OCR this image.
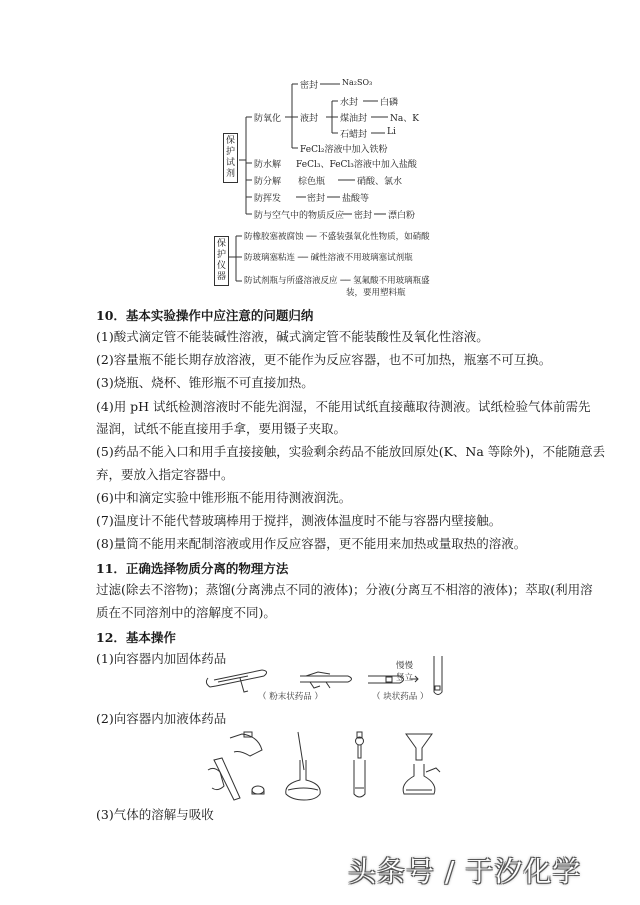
保护试剂
防氧化
密封	Na₂SO₃
液封
水封 白磷
煤油封	Na、K
石蜡封 Li
FeCl₂溶液中加入铁粉
防水解 FeCl₃、FeCl₃溶液中加入盐酸
防分解 棕色瓶	硝酸、氯水
防挥发	密封 盐酸等
防与空气中的物质反应 密封 漂白粉
保护仪器
防橡胶塞被腐蚀 ── 不盛装强氧化性物质，如硝酸
防玻璃塞粘连 ── 碱性溶液不用玻璃塞试剂瓶
防试剂瓶与所盛溶液反应 ── 氢氟酸不用玻璃瓶盛
装，要用塑料瓶
10．基本实验操作中应注意的问题归纳
(1)酸式滴定管不能装碱性溶液，碱式滴定管不能装酸性及氧化性溶液。
(2)容量瓶不能长期存放溶液，更不能作为反应容器，也不可加热，瓶塞不可互换。
(3)烧瓶、烧杯、锥形瓶不可直接加热。
(4)用 pH 试纸检测溶液时不能先润湿，不能用试纸直接蘸取待测液。试纸检验气体前需先
湿润，试纸不能直接用手拿，要用镊子夹取。
(5)药品不能入口和用手直接接触，实验剩余药品不能放回原处(K、Na 等除外)，不能随意丢
弃，要放入指定容器中。
(6)中和滴定实验中锥形瓶不能用待测液润洗。
(7)温度计不能代替玻璃棒用于搅拌，测液体温度时不能与容器内壁接触。
(8)量筒不能用来配制溶液或用作反应容器，更不能用来加热或量取热的溶液。
11．正确选择物质分离的物理方法
过滤(除去不溶物)；蒸馏(分离沸点不同的液体)；分液(分离互不相溶的液体)；萃取(利用溶
质在不同溶剂中的溶解度不同)。
12．基本操作
(1)向容器内加固体药品	慢慢
竖立
（ 粉末状药品 ）	（ 块状药品 ）
(2)向容器内加液体药品
(3)气体的溶解与吸收
头条号 / 于汐化学
